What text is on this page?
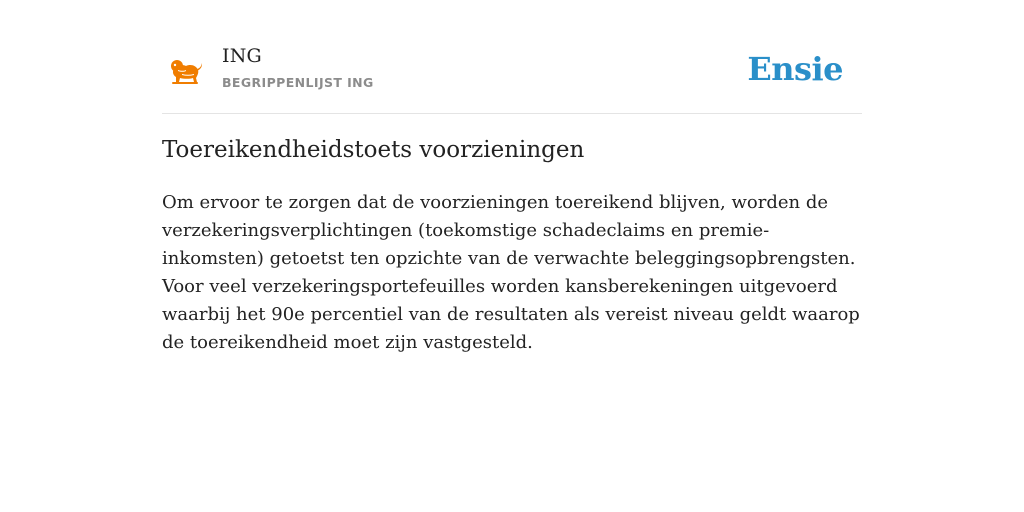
ING
BEGRIPPENLIJST ING	Ensie
Toereikendheidstoets voorzieningen

Om ervoor te zorgen dat de voorzieningen toereikend blijven, worden de verzekeringsverplichtingen (toekomstige schadeclaims en premie-inkomsten) getoetst ten opzichte van de verwachte beleggingsopbrengsten. Voor veel verzekeringsportefeuilles worden kansberekeningen uitgevoerd waarbij het 90e percentiel van de resultaten als vereist niveau geldt waarop de toereikendheid moet zijn vastgesteld.
